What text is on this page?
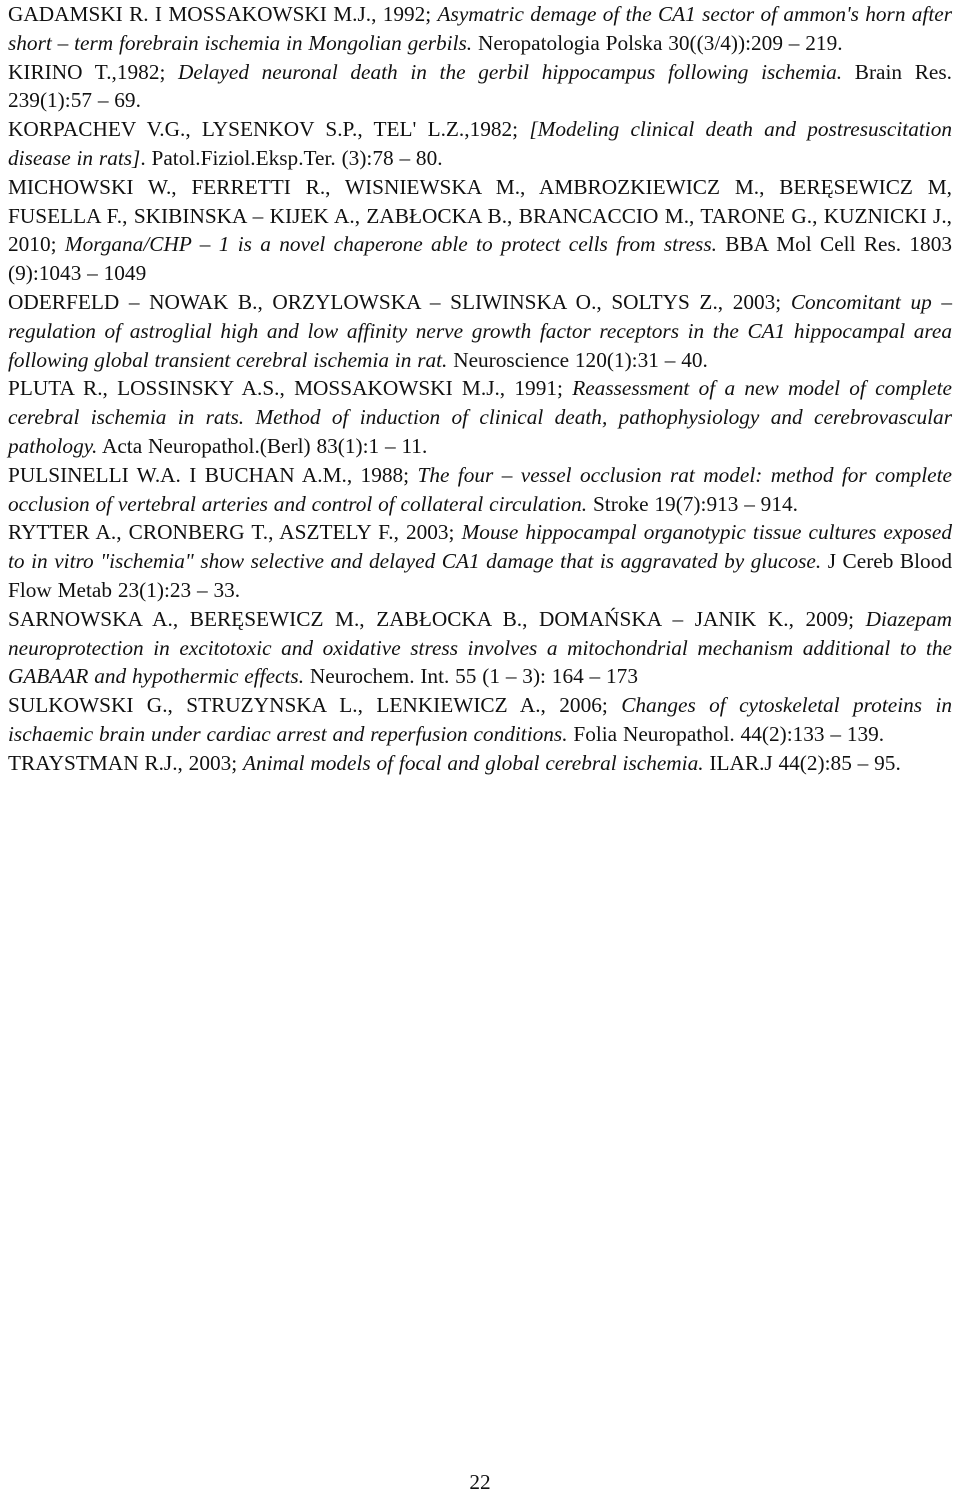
GADAMSKI R. I MOSSAKOWSKI M.J., 1992; Asymatric demage of the CA1 sector of ammon's horn after short – term forebrain ischemia in Mongolian gerbils. Neropatologia Polska 30((3/4)):209 – 219.

KIRINO T.,1982; Delayed neuronal death in the gerbil hippocampus following ischemia. Brain Res. 239(1):57 – 69.

KORPACHEV V.G., LYSENKOV S.P., TEL' L.Z.,1982; [Modeling clinical death and postresuscitation disease in rats]. Patol.Fiziol.Eksp.Ter. (3):78 – 80.

MICHOWSKI W., FERRETTI R., WISNIEWSKA M., AMBROZKIEWICZ M., BERĘSEWICZ M, FUSELLA F., SKIBINSKA – KIJEK A., ZABŁOCKA B., BRANCACCIO M., TARONE G., KUZNICKI J., 2010; Morgana/CHP – 1 is a novel chaperone able to protect cells from stress. BBA Mol Cell Res. 1803 (9):1043 – 1049

ODERFELD – NOWAK B., ORZYLOWSKA – SLIWINSKA O., SOLTYS Z., 2003; Concomitant up – regulation of astroglial high and low affinity nerve growth factor receptors in the CA1 hippocampal area following global transient cerebral ischemia in rat. Neuroscience 120(1):31 – 40.

PLUTA R., LOSSINSKY A.S., MOSSAKOWSKI M.J., 1991; Reassessment of a new model of complete cerebral ischemia in rats. Method of induction of clinical death, pathophysiology and cerebrovascular pathology. Acta Neuropathol.(Berl) 83(1):1 – 11.

PULSINELLI W.A. I BUCHAN A.M., 1988; The four – vessel occlusion rat model: method for complete occlusion of vertebral arteries and control of collateral circulation. Stroke 19(7):913 – 914.

RYTTER A., CRONBERG T., ASZTELY F., 2003; Mouse hippocampal organotypic tissue cultures exposed to in vitro "ischemia" show selective and delayed CA1 damage that is aggravated by glucose. J Cereb Blood Flow Metab 23(1):23 – 33.

SARNOWSKA A., BERĘSEWICZ M., ZABŁOCKA B., DOMAŃSKA – JANIK K., 2009; Diazepam neuroprotection in excitotoxic and oxidative stress involves a mitochondrial mechanism additional to the GABAAR and hypothermic effects. Neurochem. Int. 55 (1 – 3): 164 – 173

SULKOWSKI G., STRUZYNSKA L., LENKIEWICZ A., 2006; Changes of cytoskeletal proteins in ischaemic brain under cardiac arrest and reperfusion conditions. Folia Neuropathol. 44(2):133 – 139.

TRAYSTMAN R.J., 2003; Animal models of focal and global cerebral ischemia. ILAR.J 44(2):85 – 95.

22
